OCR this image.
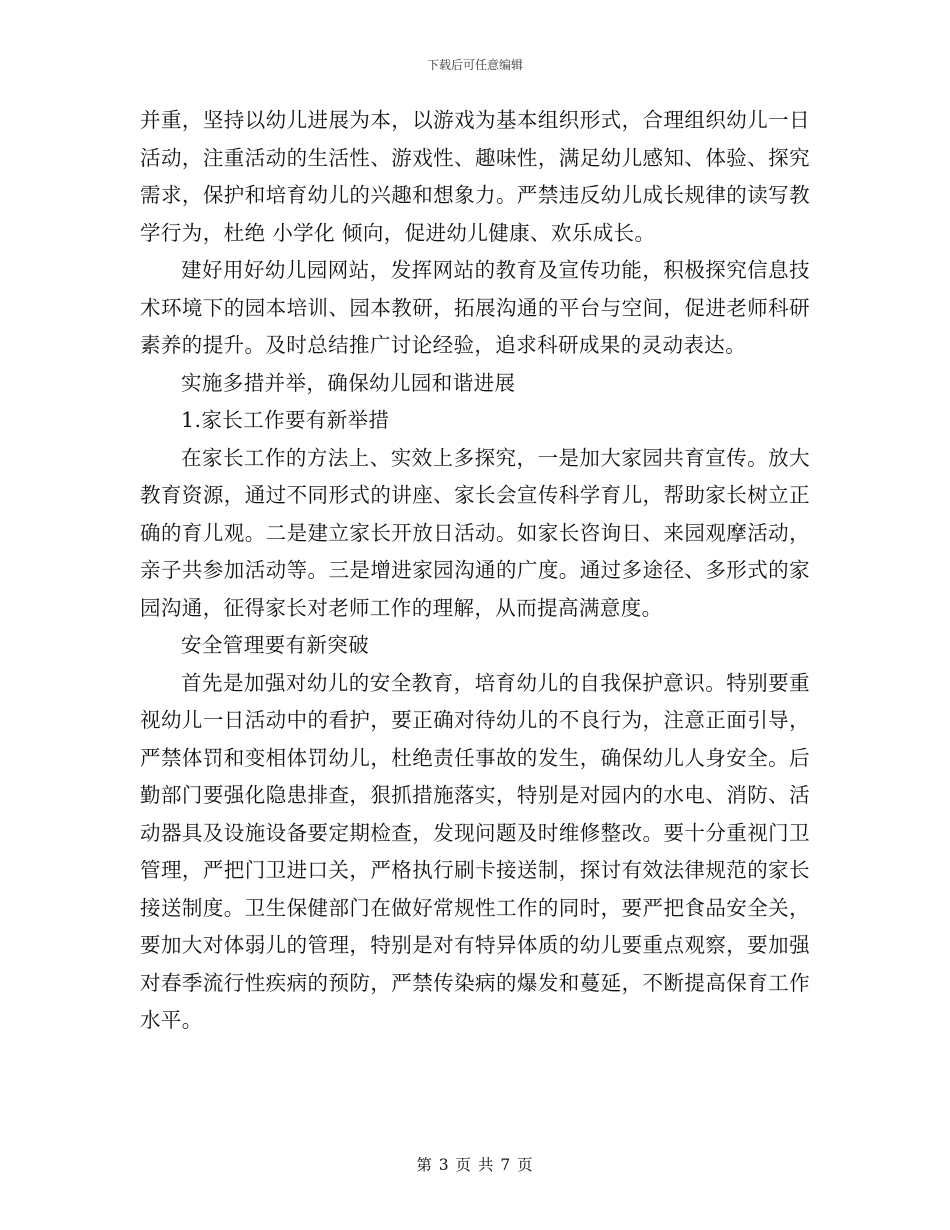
下载后可任意编辑

并重，坚持以幼儿进展为本，以游戏为基本组织形式，合理组织幼儿一日活动，注重活动的生活性、游戏性、趣味性，满足幼儿感知、体验、探究需求，保护和培育幼儿的兴趣和想象力。严禁违反幼儿成长规律的读写教学行为，杜绝 小学化 倾向，促进幼儿健康、欢乐成长。

建好用好幼儿园网站，发挥网站的教育及宣传功能，积极探究信息技术环境下的园本培训、园本教研，拓展沟通的平台与空间，促进老师科研素养的提升。及时总结推广讨论经验，追求科研成果的灵动表达。

实施多措并举，确保幼儿园和谐进展

1.家长工作要有新举措

在家长工作的方法上、实效上多探究，一是加大家园共育宣传。放大教育资源，通过不同形式的讲座、家长会宣传科学育儿，帮助家长树立正确的育儿观。二是建立家长开放日活动。如家长咨询日、来园观摩活动，亲子共参加活动等。三是增进家园沟通的广度。通过多途径、多形式的家园沟通，征得家长对老师工作的理解，从而提高满意度。

安全管理要有新突破

首先是加强对幼儿的安全教育，培育幼儿的自我保护意识。特别要重视幼儿一日活动中的看护，要正确对待幼儿的不良行为，注意正面引导，严禁体罚和变相体罚幼儿，杜绝责任事故的发生，确保幼儿人身安全。后勤部门要强化隐患排查，狠抓措施落实，特别是对园内的水电、消防、活动器具及设施设备要定期检查，发现问题及时维修整改。要十分重视门卫管理，严把门卫进口关，严格执行刷卡接送制，探讨有效法律规范的家长接送制度。卫生保健部门在做好常规性工作的同时，要严把食品安全关，要加大对体弱儿的管理，特别是对有特异体质的幼儿要重点观察，要加强对春季流行性疾病的预防，严禁传染病的爆发和蔓延，不断提高保育工作水平。

第 3 页 共 7 页
